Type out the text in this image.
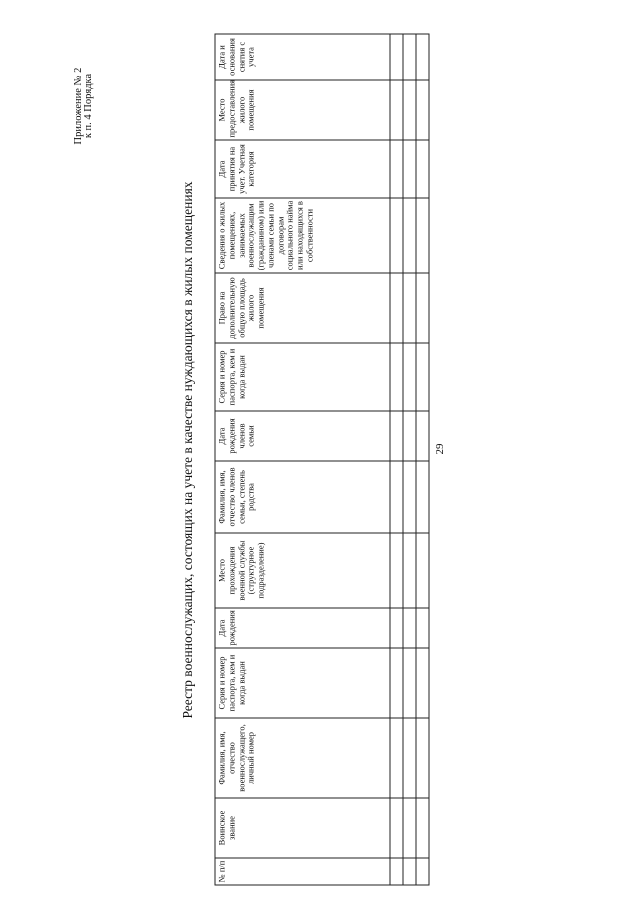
29
Приложение № 2 к п. 4 Порядка
Реестр военнослужащих, состоящих на учете в качестве нуждающихся в жилых помещениях
№ п/п	Воинское звание	Фамилия, имя, отчество военнослужащего, личный номер	Серия и номер паспорта, кем и когда выдан	Дата рождения	Место прохождения военной службы (структурное подразделение)	Фамилия, имя, отчество членов семьи, степень родства	Дата рождения членов семьи	Серия и номер паспорта, кем и когда выдан	Право на дополнительную общую площадь жилого помещения	Сведения о жилых помещениях, занимаемых военнослужащим (гражданином) или членами семьи по договорам социального найма или находящихся в собственности	Дата принятия на учет. Учетная категория	Место предоставления жилого помещения	Дата и основания снятия с учета
